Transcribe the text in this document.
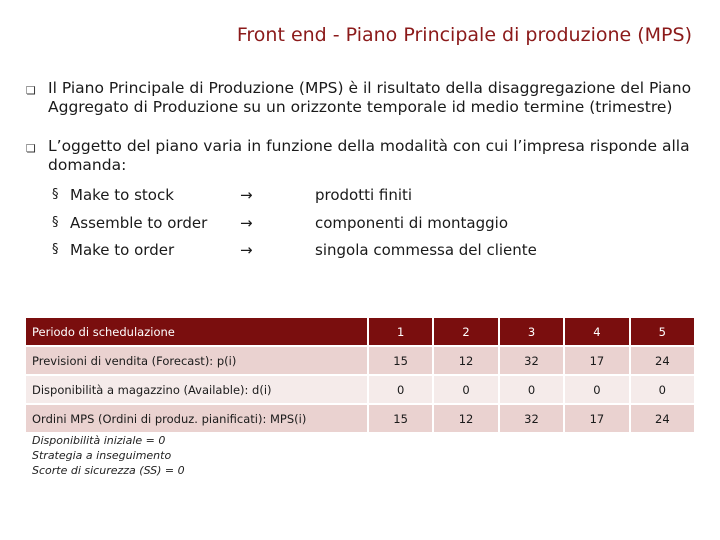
Front end - Piano Principale di produzione (MPS)
❏ Il Piano Principale di Produzione (MPS) è il risultato della disaggregazione del Piano Aggregato di Produzione su un orizzonte temporale id medio termine (trimestre)
❏ L’oggetto del piano varia in funzione della modalità con cui l’impresa risponde alla domanda:
§ Make to stock	→	prodotti finiti
§ Assemble to order →	componenti di montaggio
§ Make to order	→	singola commessa del cliente
Periodo di schedulazione	1	2	3	4	5
Previsioni di vendita (Forecast): p(i)	15	12	32	17	24
Disponibilità a magazzino (Available): d(i)	0	0	0	0	0
Ordini MPS (Ordini di produz. pianificati): MPS(i)	15	12	32	17	24
Disponibilità iniziale = 0
Strategia a inseguimento
Scorte di sicurezza (SS) = 0
